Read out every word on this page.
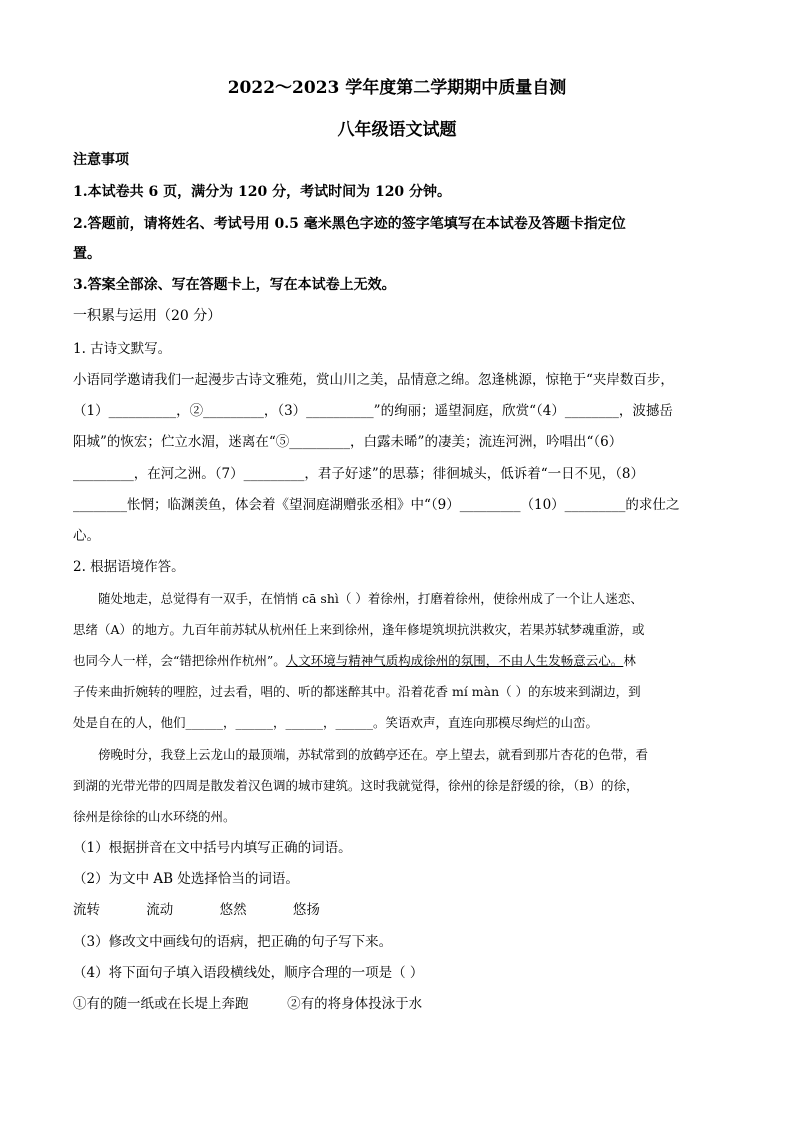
2022～2023 学年度第二学期期中质量自测
八年级语文试题
注意事项
1.本试卷共 6 页，满分为 120 分，考试时间为 120 分钟。
2.答题前，请将姓名、考试号用 0.5 毫米黑色字迹的签字笔填写在本试卷及答题卡指定位
置。
3.答案全部涂、写在答题卡上，写在本试卷上无效。
一积累与运用（20 分）
1. 古诗文默写。
小语同学邀请我们一起漫步古诗文雅苑，赏山川之美，品情意之绵。忽逢桃源，惊艳于“夹岸数百步，
（1）__________，②_________，（3）__________”的绚丽；遥望洞庭，欣赏“（4）________，波撼岳
阳城”的恢宏；伫立水湄，迷离在“⑤_________，白露未晞”的凄美；流连河洲，吟唱出“（6）
_________，在河之洲。（7）_________，君子好逑”的思慕；徘徊城头，低诉着“一日不见，（8）
________怅惘；临渊羡鱼，体会着《望洞庭湖赠张丞相》中“（9）_________（10）_________的求仕之
心。
2. 根据语境作答。
随处地走，总觉得有一双手，在悄悄 cā shì（ ）着徐州，打磨着徐州，使徐州成了一个让人迷恋、
思绪（A）的地方。九百年前苏轼从杭州任上来到徐州，逢年修堤筑坝抗洪救灾，若果苏轼梦魂重游，或
也同今人一样，会“错把徐州作杭州”。人文环境与精神气质构成徐州的氛围，不由人生发畅意云心。林
子传来曲折婉转的哩腔，过去看，唱的、听的都迷醉其中。沿着花香 mí màn（ ）的东坡来到湖边，到
处是自在的人，他们______，______，______，______。笑语欢声，直连向那模尽绚烂的山峦。
傍晚时分，我登上云龙山的最顶端，苏轼常到的放鹤亭还在。亭上望去，就看到那片杏花的色带，看
到湖的光带光带的四周是散发着汉色调的城市建筑。这时我就觉得，徐州的徐是舒缓的徐，（B）的徐，
徐州是徐徐的山水环绕的州。
（1）根据拼音在文中括号内填写正确的词语。
（2）为文中 AB 处选择恰当的词语。
流转	流动	悠然	悠扬
（3）修改文中画线句的语病，把正确的句子写下来。
（4）将下面句子填入语段横线处，顺序合理的一项是（ ）
①有的随一纸或在长堤上奔跑	②有的将身体投泳于水
